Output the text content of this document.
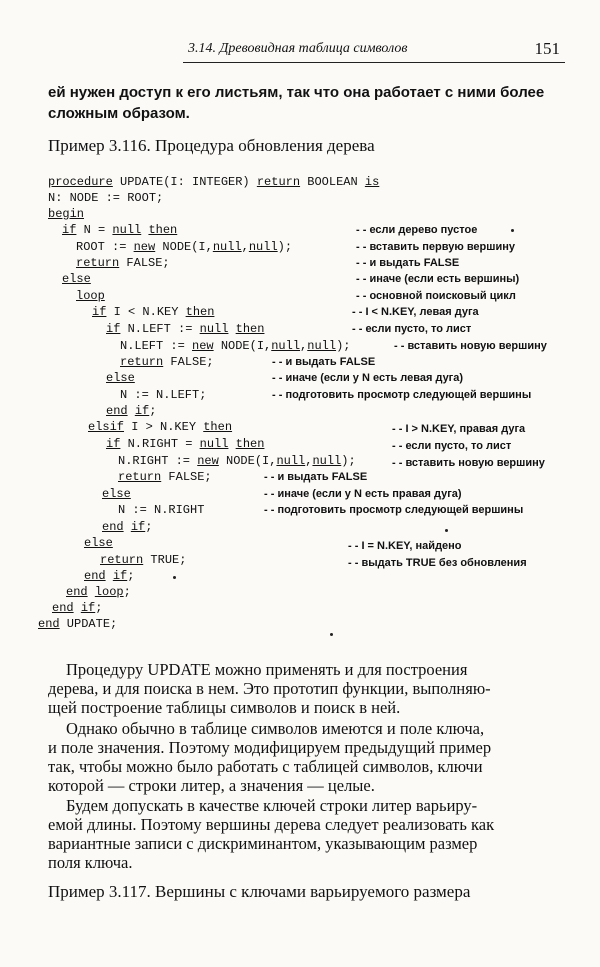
3.14. Древовидная таблица символов	151
ей нужен доступ к его листьям, так что она работает с ними более
сложным образом.
Пример 3.116. Процедура обновления дерева
procedure UPDATE(I: INTEGER) return BOOLEAN is
N: NODE := ROOT;
begin
if N = null then
ROOT := new NODE(I,null,null);
return FALSE;
else
loop
if I < N.KEY then
if N.LEFT := null then
N.LEFT := new NODE(I,null,null);
return FALSE;
else
N := N.LEFT;
end if;
elsif I > N.KEY then
if N.RIGHT = null then
N.RIGHT := new NODE(I,null,null);
return FALSE;
else
N := N.RIGHT
end if;
else
return TRUE;
end if;
end loop;
end if;
end UPDATE;
- - если дерево пустое
- - вставить первую вершину
- - и выдать FALSE
- - иначе (если есть вершины)
- - основной поисковый цикл
- - I < N.KEY, левая дуга
- - если пусто, то лист
- - вставить новую вершину
- - и выдать FALSE
- - иначе (если у N есть левая дуга)
- - подготовить просмотр следующей вершины
- - I > N.KEY, правая дуга
- - если пусто, то лист
- - вставить новую вершину
- - и выдать FALSE
- - иначе (если у N есть правая дуга)
- - подготовить просмотр следующей вершины
- - I = N.KEY, найдено
- - выдать TRUE без обновления
Процедуру UPDATE можно применять и для построения
дерева, и для поиска в нем. Это прототип функции, выполняю-
щей построение таблицы символов и поиск в ней.
Однако обычно в таблице символов имеются и поле ключа,
и поле значения. Поэтому модифицируем предыдущий пример
так, чтобы можно было работать с таблицей символов, ключи
которой — строки литер, а значения — целые.
Будем допускать в качестве ключей строки литер варьиру-
емой длины. Поэтому вершины дерева следует реализовать как
вариантные записи с дискриминантом, указывающим размер
поля ключа.
Пример 3.117. Вершины с ключами варьируемого размера
